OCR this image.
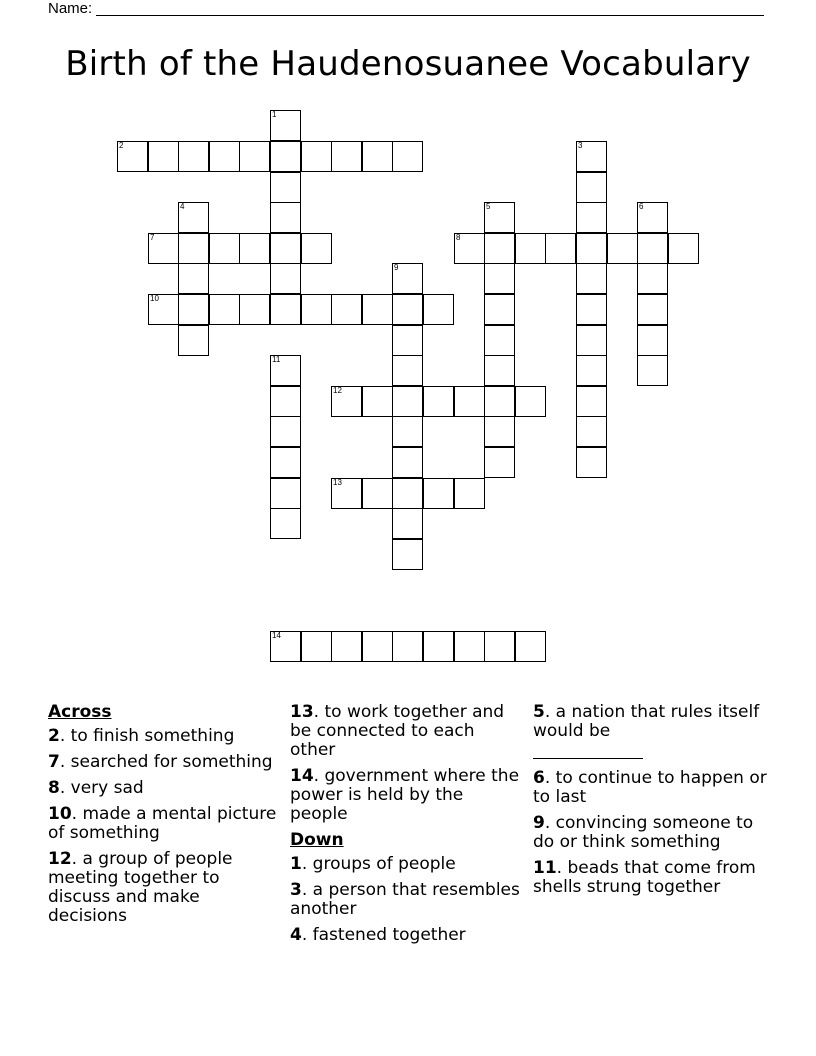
Name:
Birth of the Haudenosuanee Vocabulary
2
7	8
10
12
13
14
1
3
4	5	6
9
11
Across
2. to finish something
7. searched for something
8. very sad
10. made a mental picture of something
12. a group of people meeting together to discuss and make decisions
13. to work together and be connected to each other
14. government where the power is held by the people
Down
1. groups of people
3. a person that resembles another
4. fastened together
5. a nation that rules itself would be

6. to continue to happen or to last
9. convincing someone to do or think something
11. beads that come from shells strung together
